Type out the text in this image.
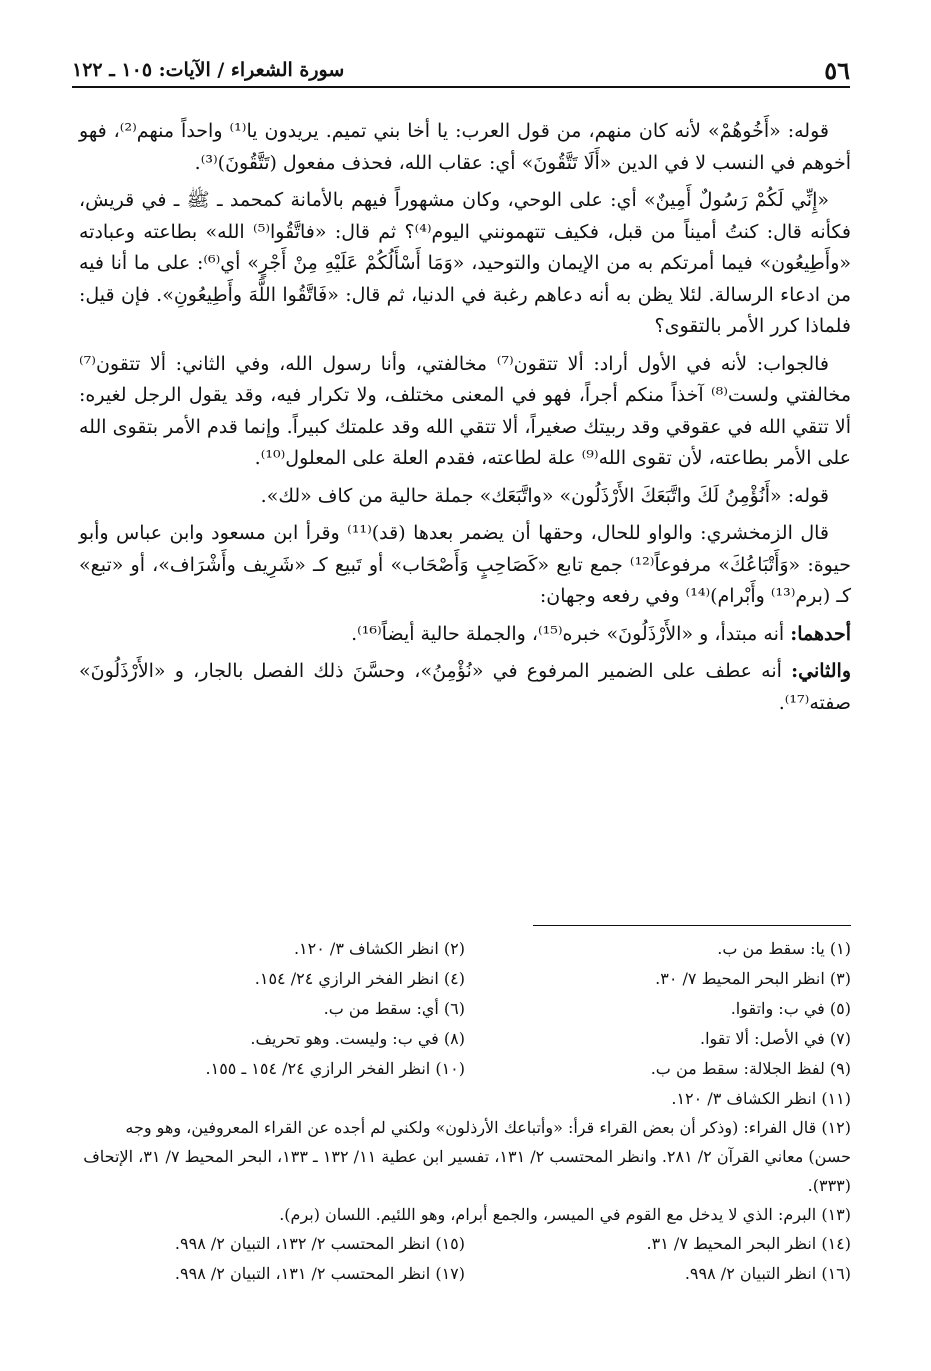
٥٦
سورة الشعراء / الآيات: ١٠٥ ـ ١٢٢

قوله: «أَخُوهُمْ» لأنه كان منهم، من قول العرب: يا أخا بني تميم. يريدون يا⁽¹⁾ واحداً منهم⁽²⁾، فهو أخوهم في النسب لا في الدين «أَلَا تَتَّقُونَ» أي: عقاب الله، فحذف مفعول (تَتَّقُونَ)⁽³⁾.

«إِنِّي لَكُمْ رَسُولٌ أَمِينٌ» أي: على الوحي، وكان مشهوراً فيهم بالأمانة كمحمد ـ ﷺ ـ في قريش، فكأنه قال: كنتُ أميناً من قبل، فكيف تتهمونني اليوم⁽⁴⁾؟ ثم قال: «فاتَّقُوا⁽⁵⁾ الله» بطاعته وعبادته «وأَطِيعُون» فيما أمرتكم به من الإيمان والتوحيد، «وَمَا أَسْأَلُكُمْ عَلَيْهِ مِنْ أَجْرٍ» أي⁽⁶⁾: على ما أنا فيه من ادعاء الرسالة. لئلا يظن به أنه دعاهم رغبة في الدنيا، ثم قال: «فَاتَّقُوا اللَّهَ وأَطِيعُونِ». فإن قيل: فلماذا كرر الأمر بالتقوى؟

فالجواب: لأنه في الأول أراد: ألا تتقون⁽⁷⁾ مخالفتي، وأنا رسول الله، وفي الثاني: ألا تتقون⁽⁷⁾ مخالفتي ولست⁽⁸⁾ آخذاً منكم أجراً، فهو في المعنى مختلف، ولا تكرار فيه، وقد يقول الرجل لغيره: ألا تتقي الله في عقوقي وقد ربيتك صغيراً، ألا تتقي الله وقد علمتك كبيراً. وإنما قدم الأمر بتقوى الله على الأمر بطاعته، لأن تقوى الله⁽⁹⁾ علة لطاعته، فقدم العلة على المعلول⁽¹⁰⁾.

قوله: «أَنُؤْمِنُ لَكَ واتَّبَعَكَ الأَرْذَلُون» «واتَّبَعَك» جملة حالية من كاف «لك».

قال الزمخشري: والواو للحال، وحقها أن يضمر بعدها (قد)⁽¹¹⁾ وقرأ ابن مسعود وابن عباس وأبو حيوة: «وَأَتْبَاعُكَ» مرفوعاً⁽¹²⁾ جمع تابع «كَصَاحِبٍ وَأَصْحَاب» أو تَبيع كـ «شَرِيف وأَشْرَاف»، أو «تبع» كـ (برم⁽¹³⁾ وأَبْرام)⁽¹⁴⁾ وفي رفعه وجهان:

أحدهما: أنه مبتدأ، و «الأَرْذَلُونَ» خبره⁽¹⁵⁾، والجملة حالية أيضاً⁽¹⁶⁾.

والثاني: أنه عطف على الضمير المرفوع في «نُؤْمِنُ»، وحسَّنَ ذلك الفصل بالجار، و «الأَرْذَلُونَ» صفته⁽¹⁷⁾.

(١) يا: سقط من ب.
(٢) انظر الكشاف ٣/ ١٢٠.
(٣) انظر البحر المحيط ٧/ ٣٠.
(٤) انظر الفخر الرازي ٢٤/ ١٥٤.
(٥) في ب: واتقوا.
(٦) أي: سقط من ب.
(٧) في الأصل: ألا تقوا.
(٨) في ب: وليست. وهو تحريف.
(٩) لفظ الجلالة: سقط من ب.
(١٠) انظر الفخر الرازي ٢٤/ ١٥٤ ـ ١٥٥.
(١١) انظر الكشاف ٣/ ١٢٠.
(١٢) قال الفراء: (وذكر أن بعض القراء قرأ: «وأتباعك الأرذلون» ولكني لم أجده عن القراء المعروفين، وهو وجه حسن) معاني القرآن ٢/ ٢٨١. وانظر المحتسب ٢/ ١٣١، تفسير ابن عطية ١١/ ١٣٢ ـ ١٣٣، البحر المحيط ٧/ ٣١، الإتحاف (٣٣٣).
(١٣) البرم: الذي لا يدخل مع القوم في الميسر، والجمع أبرام، وهو اللئيم. اللسان (برم).
(١٤) انظر البحر المحيط ٧/ ٣١.
(١٥) انظر المحتسب ٢/ ١٣٢، التبيان ٢/ ٩٩٨.
(١٦) انظر التبيان ٢/ ٩٩٨.
(١٧) انظر المحتسب ٢/ ١٣١، التبيان ٢/ ٩٩٨.
